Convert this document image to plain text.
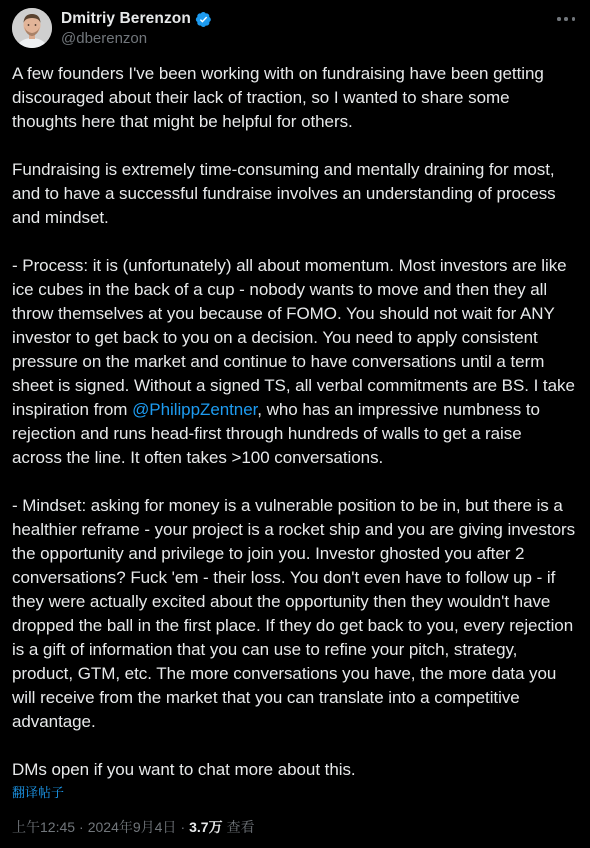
Dmitriy Berenzon
@dberenzon

A few founders I've been working with on fundraising have been getting discouraged about their lack of traction, so I wanted to share some thoughts here that might be helpful for others.

Fundraising is extremely time-consuming and mentally draining for most, and to have a successful fundraise involves an understanding of process and mindset.

- Process: it is (unfortunately) all about momentum. Most investors are like ice cubes in the back of a cup - nobody wants to move and then they all throw themselves at you because of FOMO. You should not wait for ANY investor to get back to you on a decision. You need to apply consistent pressure on the market and continue to have conversations until a term sheet is signed. Without a signed TS, all verbal commitments are BS. I take inspiration from @PhilippZentner, who has an impressive numbness to rejection and runs head-first through hundreds of walls to get a raise across the line. It often takes >100 conversations.

- Mindset: asking for money is a vulnerable position to be in, but there is a healthier reframe - your project is a rocket ship and you are giving investors the opportunity and privilege to join you. Investor ghosted you after 2 conversations? Fuck 'em - their loss. You don't even have to follow up - if they were actually excited about the opportunity then they wouldn't have dropped the ball in the first place. If they do get back to you, every rejection is a gift of information that you can use to refine your pitch, strategy, product, GTM, etc. The more conversations you have, the more data you will receive from the market that you can translate into a competitive advantage.

DMs open if you want to chat more about this.

翻译帖子
上午12:45 · 2024年9月4日 · 3.7万 查看
